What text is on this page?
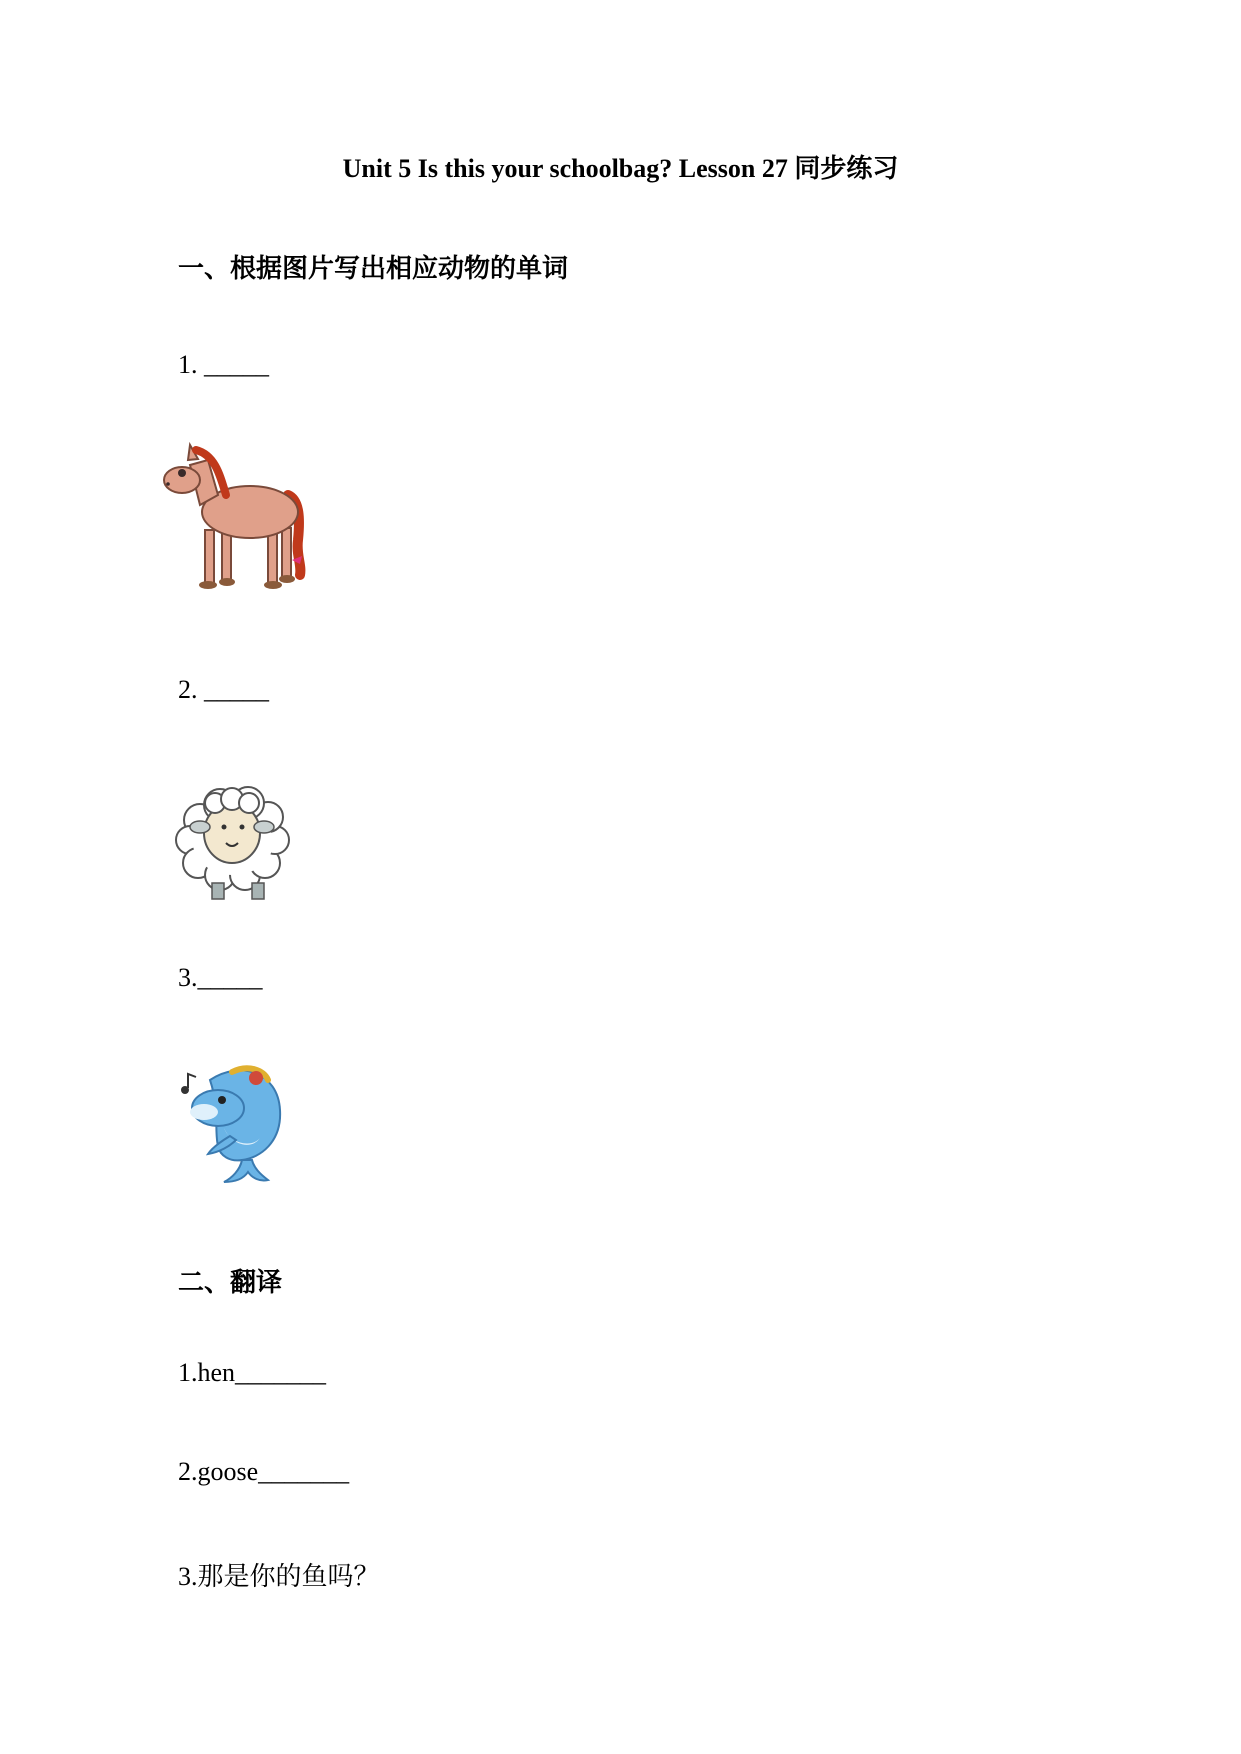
Unit 5 Is this your schoolbag? Lesson 27 同步练习
一、根据图片写出相应动物的单词
1. _____
2. _____
3._____
二、翻译
1.hen_______
2.goose_______
3.那是你的鱼吗？
